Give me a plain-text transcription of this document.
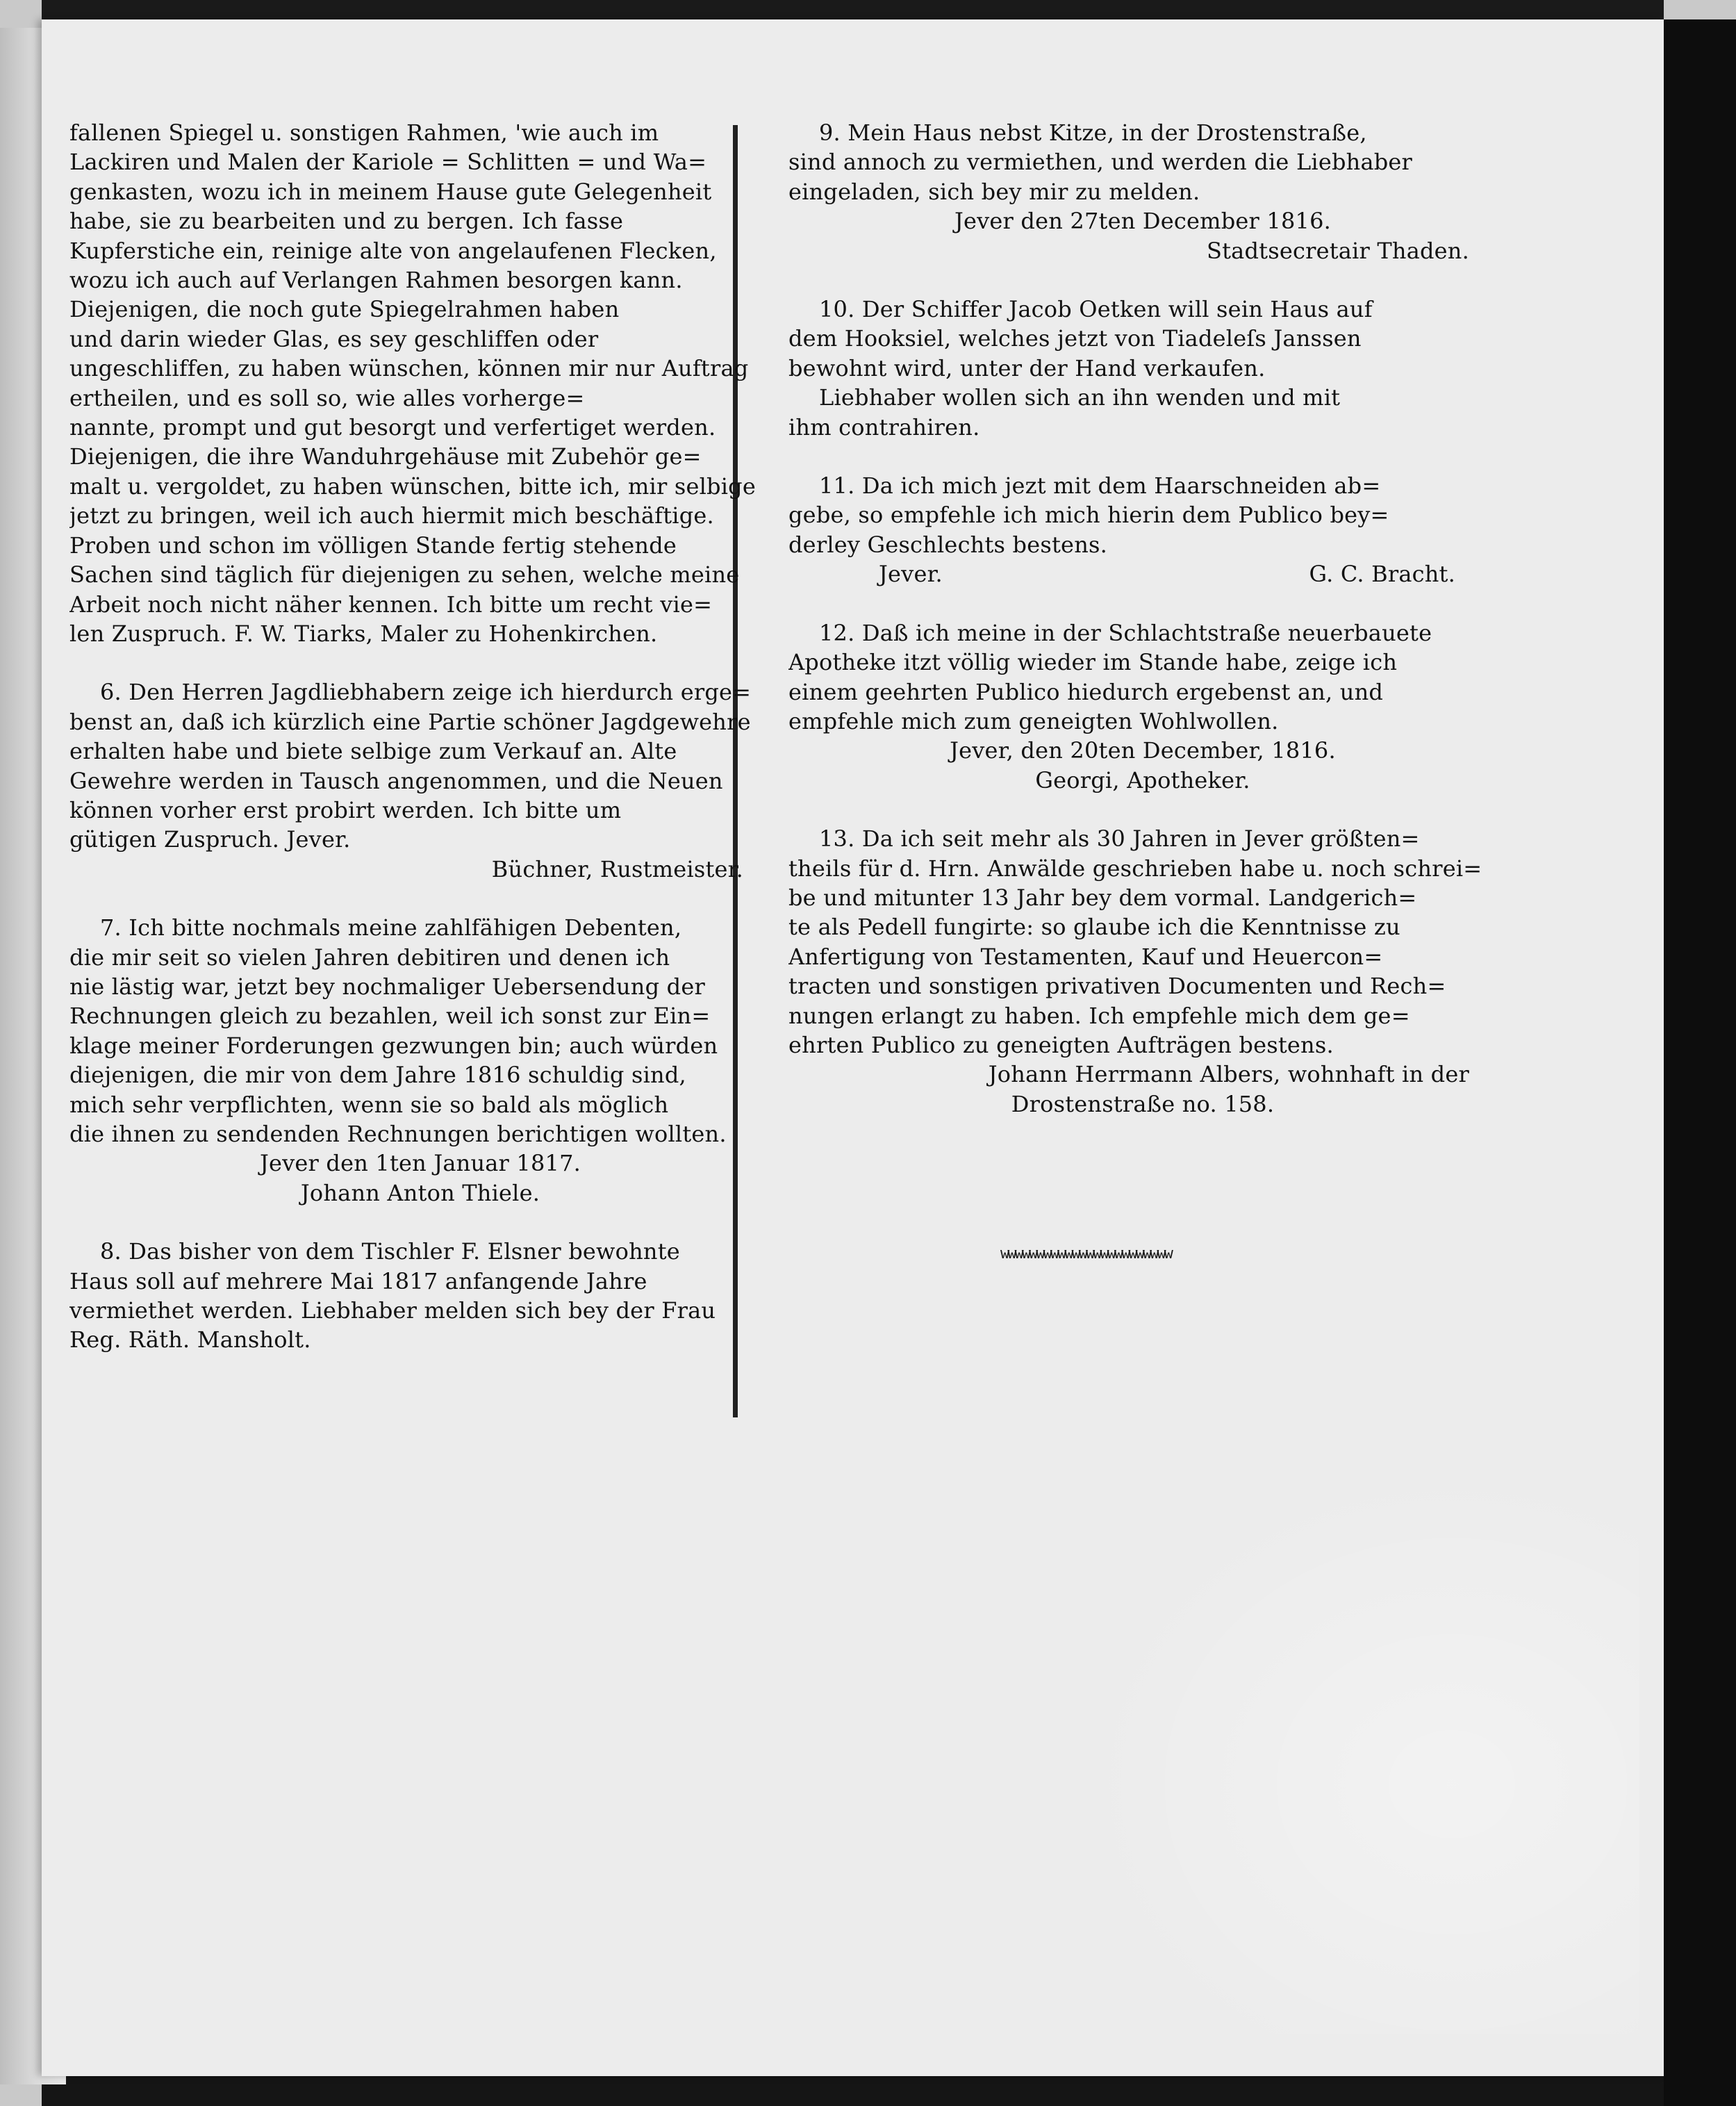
fallenen Spiegel u. sonstigen Rahmen, 'wie auch im
Lackiren und Malen der Kariole = Schlitten = und Wa=
genkasten, wozu ich in meinem Hause gute Gelegenheit
habe, sie zu bearbeiten und zu bergen. Ich fasse
Kupferstiche ein, reinige alte von angelaufenen Flecken,
wozu ich auch auf Verlangen Rahmen besorgen kann.
Diejenigen, die noch gute Spiegelrahmen haben
und darin wieder Glas, es sey geschliffen oder
ungeschliffen, zu haben wünschen, können mir nur Auftrag
ertheilen, und es soll so, wie alles vorherge=
nannte, prompt und gut besorgt und verfertiget werden.
Diejenigen, die ihre Wanduhrgehäuse mit Zubehör ge=
malt u. vergoldet, zu haben wünschen, bitte ich, mir selbige
jetzt zu bringen, weil ich auch hiermit mich beschäftige.
Proben und schon im völligen Stande fertig stehende
Sachen sind täglich für diejenigen zu sehen, welche meine
Arbeit noch nicht näher kennen. Ich bitte um recht vie=
len Zuspruch. F. W. Tiarks, Maler zu Hohenkirchen.
6. Den Herren Jagdliebhabern zeige ich hierdurch erge=
benst an, daß ich kürzlich eine Partie schöner Jagdgewehre
erhalten habe und biete selbige zum Verkauf an. Alte
Gewehre werden in Tausch angenommen, und die Neuen
können vorher erst probirt werden. Ich bitte um
gütigen Zuspruch. Jever.
Büchner, Rustmeister.
7. Ich bitte nochmals meine zahlfähigen Debenten,
die mir seit so vielen Jahren debitiren und denen ich
nie lästig war, jetzt bey nochmaliger Uebersendung der
Rechnungen gleich zu bezahlen, weil ich sonst zur Ein=
klage meiner Forderungen gezwungen bin; auch würden
diejenigen, die mir von dem Jahre 1816 schuldig sind,
mich sehr verpflichten, wenn sie so bald als möglich
die ihnen zu sendenden Rechnungen berichtigen wollten.
Jever den 1ten Januar 1817.
Johann Anton Thiele.
8. Das bisher von dem Tischler F. Elsner bewohnte
Haus soll auf mehrere Mai 1817 anfangende Jahre
vermiethet werden. Liebhaber melden sich bey der Frau
Reg. Räth. Mansholt.
9. Mein Haus nebst Kitze, in der Drostenstraße,
sind annoch zu vermiethen, und werden die Liebhaber
eingeladen, sich bey mir zu melden.
Jever den 27ten December 1816.
Stadtsecretair Thaden.
10. Der Schiffer Jacob Oetken will sein Haus auf
dem Hooksiel, welches jetzt von Tiadeleſs Janssen
bewohnt wird, unter der Hand verkaufen.
Liebhaber wollen sich an ihn wenden und mit
ihm contrahiren.
11. Da ich mich jezt mit dem Haarschneiden ab=
gebe, so empfehle ich mich hierin dem Publico bey=
derley Geschlechts bestens.
Jever.	G. C. Bracht.
12. Daß ich meine in der Schlachtstraße neuerbauete
Apotheke itzt völlig wieder im Stande habe, zeige ich
einem geehrten Publico hiedurch ergebenst an, und
empfehle mich zum geneigten Wohlwollen.
Jever, den 20ten December, 1816.
Georgi, Apotheker.
13. Da ich seit mehr als 30 Jahren in Jever größten=
theils für d. Hrn. Anwälde geschrieben habe u. noch schrei=
be und mitunter 13 Jahr bey dem vormal. Landgerich=
te als Pedell fungirte: so glaube ich die Kenntnisse zu
Anfertigung von Testamenten, Kauf und Heuercon=
tracten und sonstigen privativen Documenten und Rech=
nungen erlangt zu haben. Ich empfehle mich dem ge=
ehrten Publico zu geneigten Aufträgen bestens.
Johann Herrmann Albers, wohnhaft in der
Drostenstraße no. 158.
wwwwwwwwwwwwwwwwwwwwwwww
